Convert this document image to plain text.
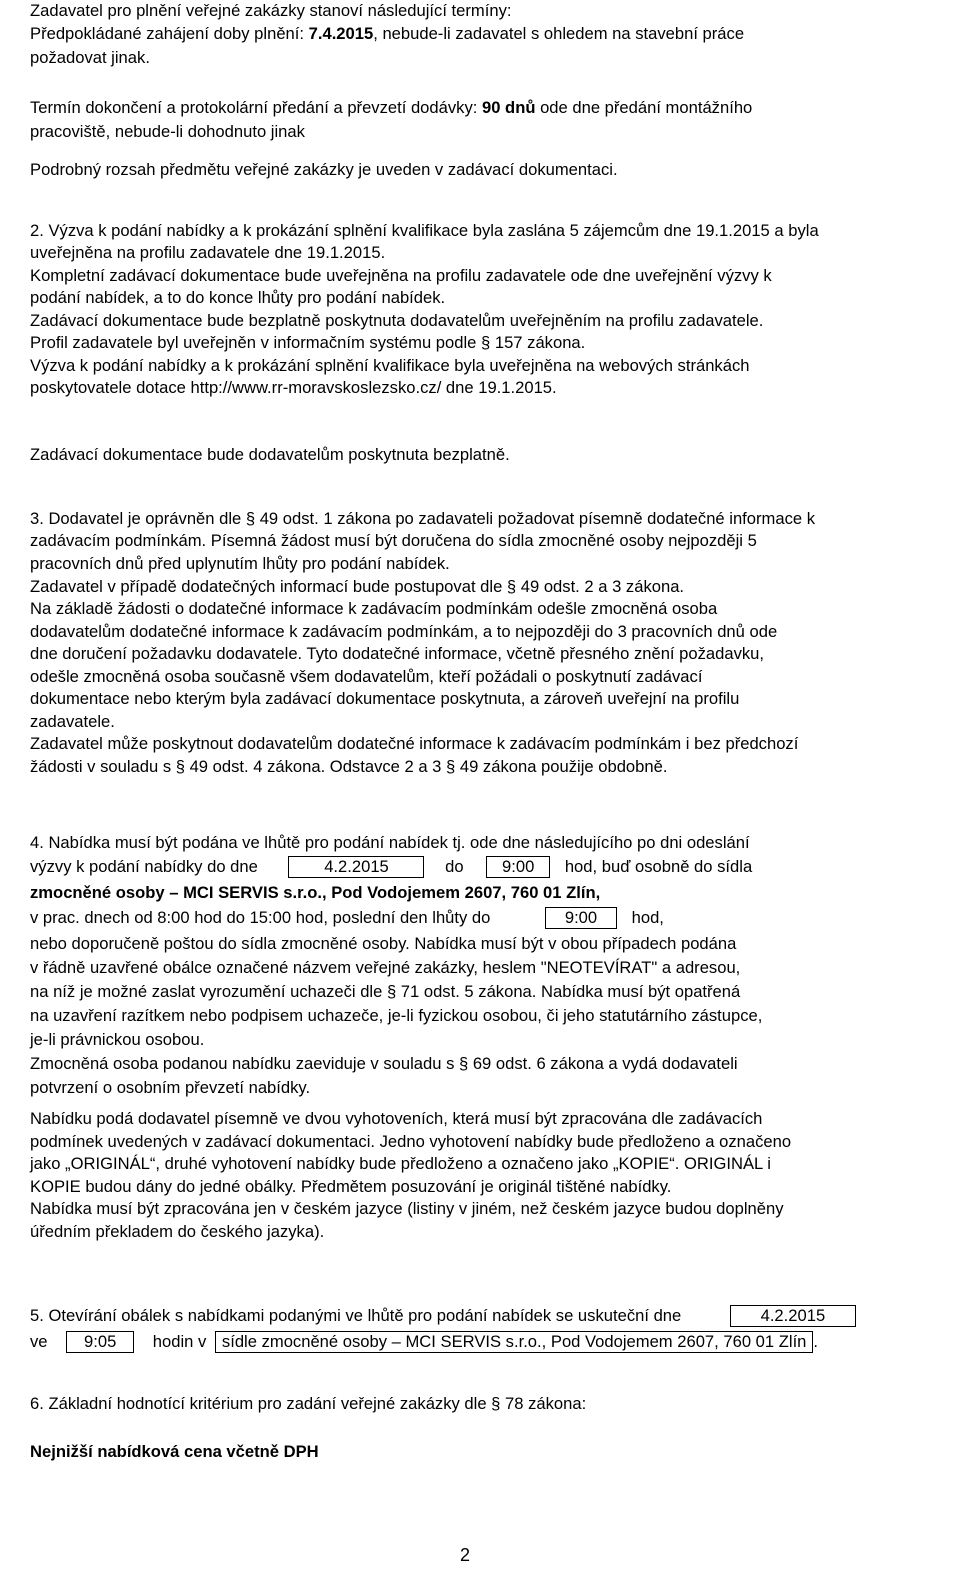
Zadavatel pro plnění veřejné zakázky stanoví následující termíny:
Předpokládané zahájení doby plnění: 7.4.2015, nebude-li zadavatel s ohledem na stavební práce
požadovat jinak.
Termín dokončení a protokolární předání a převzetí dodávky: 90 dnů ode dne předání montážního
pracoviště, nebude-li dohodnuto jinak
Podrobný rozsah předmětu veřejné zakázky je uveden v zadávací dokumentaci.
2. Výzva k podání nabídky a k prokázání splnění kvalifikace byla zaslána 5 zájemcům dne 19.1.2015 a byla
uveřejněna na profilu zadavatele dne 19.1.2015.
Kompletní zadávací dokumentace bude uveřejněna na profilu zadavatele ode dne uveřejnění výzvy k
podání nabídek, a to do konce lhůty pro podání nabídek.
Zadávací dokumentace bude bezplatně poskytnuta dodavatelům uveřejněním na profilu zadavatele.
Profil zadavatele byl uveřejněn v informačním systému podle § 157 zákona.
Výzva k podání nabídky a k prokázání splnění kvalifikace byla uveřejněna na webových stránkách
poskytovatele dotace http://www.rr-moravskoslezsko.cz/ dne 19.1.2015.
Zadávací dokumentace bude dodavatelům poskytnuta bezplatně.
3. Dodavatel je oprávněn dle § 49 odst. 1 zákona po zadavateli požadovat písemně dodatečné informace k
zadávacím podmínkám. Písemná žádost musí být doručena do sídla zmocněné osoby nejpozději 5
pracovních dnů před uplynutím lhůty pro podání nabídek.
Zadavatel v případě dodatečných informací bude postupovat dle § 49 odst. 2 a 3 zákona.
Na základě žádosti o dodatečné informace k zadávacím podmínkám odešle zmocněná osoba
dodavatelům dodatečné informace k zadávacím podmínkám, a to nejpozději do 3 pracovních dnů ode
dne doručení požadavku dodavatele. Tyto dodatečné informace, včetně přesného znění požadavku,
odešle zmocněná osoba současně všem dodavatelům, kteří požádali o poskytnutí zadávací
dokumentace nebo kterým byla zadávací dokumentace poskytnuta, a zároveň uveřejní na profilu
zadavatele.
Zadavatel může poskytnout dodavatelům dodatečné informace k zadávacím podmínkám i bez předchozí
žádosti v souladu s § 49 odst. 4 zákona. Odstavce 2 a 3 § 49 zákona použije obdobně.
4. Nabídka musí být podána ve lhůtě pro podání nabídek tj. ode dne následujícího po dni odeslání
výzvy k podání nabídky do dne	4.2.2015	do 9:00 hod, buď osobně do sídla
zmocněné osoby – MCI SERVIS s.r.o., Pod Vodojemem 2607, 760 01 Zlín,
v prac. dnech od 8:00 hod do 15:00 hod, poslední den lhůty do	9:00 hod,
nebo doporučeně poštou do sídla zmocněné osoby. Nabídka musí být v obou případech podána
v řádně uzavřené obálce označené názvem veřejné zakázky, heslem "NEOTEVÍRAT" a adresou,
na níž je možné zaslat vyrozumění uchazeči dle § 71 odst. 5 zákona. Nabídka musí být opatřená
na uzavření razítkem nebo podpisem uchazeče, je-li fyzickou osobou, či jeho statutárního zástupce,
je-li právnickou osobou.
Zmocněná osoba podanou nabídku zaeviduje v souladu s § 69 odst. 6 zákona a vydá dodavateli
potvrzení o osobním převzetí nabídky.
Nabídku podá dodavatel písemně ve dvou vyhotoveních, která musí být zpracována dle zadávacích
podmínek uvedených v zadávací dokumentaci. Jedno vyhotovení nabídky bude předloženo a označeno
jako „ORIGINÁL“, druhé vyhotovení nabídky bude předloženo a označeno jako „KOPIE“. ORIGINÁL i
KOPIE budou dány do jedné obálky. Předmětem posuzování je originál tištěné nabídky.
Nabídka musí být zpracována jen v českém jazyce (listiny v jiném, než českém jazyce budou doplněny
úředním překladem do českého jazyka).
5. Otevírání obálek s nabídkami podanými ve lhůtě pro podání nabídek se uskuteční dne	4.2.2015
ve 9:05 hodin v sídle zmocněné osoby – MCI SERVIS s.r.o., Pod Vodojemem 2607, 760 01 Zlín .
6. Základní hodnotící kritérium pro zadání veřejné zakázky dle § 78 zákona:
Nejnižší nabídková cena včetně DPH
2
